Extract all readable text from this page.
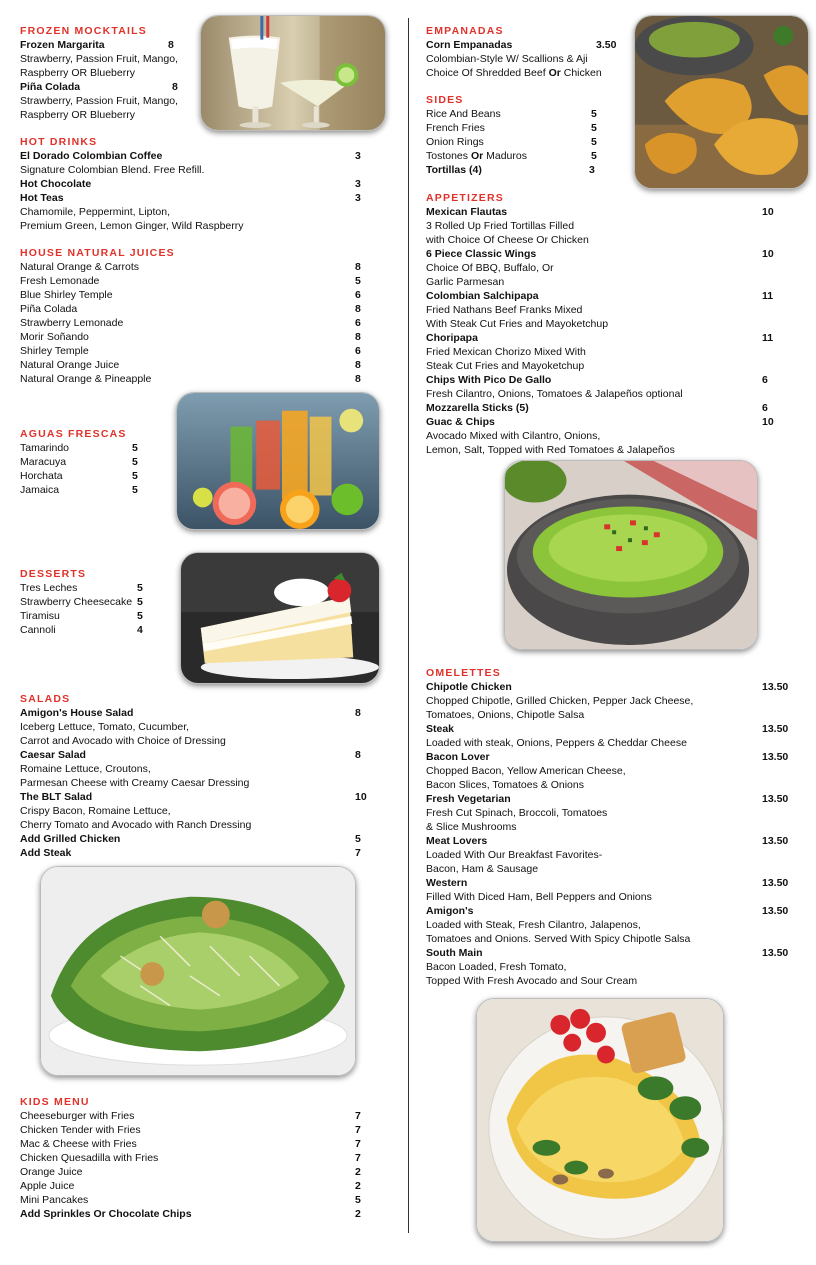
FROZEN MOCKTAILS
Frozen Margarita	8
Strawberry, Passion Fruit, Mango,
Raspberry OR Blueberry
Piña Colada	8
Strawberry, Passion Fruit, Mango,
Raspberry OR Blueberry
HOT DRINKS
El Dorado Colombian Coffee	3
Signature Colombian Blend. Free Refill.
Hot Chocolate	3
Hot Teas	3
Chamomile, Peppermint, Lipton,
Premium Green, Lemon Ginger, Wild Raspberry
HOUSE NATURAL JUICES
Natural Orange & Carrots	8
Fresh Lemonade	5
Blue Shirley Temple	6
Piña Colada	8
Strawberry Lemonade	6
Morir Soñando	8
Shirley Temple	6
Natural Orange Juice	8
Natural Orange & Pineapple	8
AGUAS FRESCAS
Tamarindo	5
Maracuya	5
Horchata	5
Jamaica	5
DESSERTS
Tres Leches	5
Strawberry Cheesecake 5
Tiramisu	5
Cannoli	4
SALADS
Amigon's House Salad	8
Iceberg Lettuce, Tomato, Cucumber,
Carrot and Avocado with Choice of Dressing
Caesar Salad	8
Romaine Lettuce, Croutons,
Parmesan Cheese with Creamy Caesar Dressing
The BLT Salad	10
Crispy Bacon, Romaine Lettuce,
Cherry Tomato and Avocado with Ranch Dressing
Add Grilled Chicken	5
Add Steak	7
KIDS MENU
Cheeseburger with Fries	7
Chicken Tender with Fries	7
Mac & Cheese with Fries	7
Chicken Quesadilla with Fries	7
Orange Juice	2
Apple Juice	2
Mini Pancakes	5
Add Sprinkles Or Chocolate Chips	2
EMPANADAS
Corn Empanadas	3.50
Colombian-Style W/ Scallions & Aji
Choice Of Shredded Beef Or Chicken
SIDES
Rice And Beans	5
French Fries	5
Onion Rings	5
Tostones Or Maduros	5
Tortillas (4)	3
APPETIZERS
Mexican Flautas	10
3 Rolled Up Fried Tortillas Filled
with Choice Of Cheese Or Chicken
6 Piece Classic Wings	10
Choice Of BBQ, Buffalo, Or
Garlic Parmesan
Colombian Salchipapa	11
Fried Nathans Beef Franks Mixed
With Steak Cut Fries and Mayoketchup
Choripapa	11
Fried Mexican Chorizo Mixed With
Steak Cut Fries and Mayoketchup
Chips With Pico De Gallo	6
Fresh Cilantro, Onions, Tomatoes & Jalapeños optional
Mozzarella Sticks (5)	6
Guac & Chips	10
Avocado Mixed with Cilantro, Onions,
Lemon, Salt, Topped with Red Tomatoes & Jalapeños
OMELETTES
Chipotle Chicken	13.50
Chopped Chipotle, Grilled Chicken, Pepper Jack Cheese,
Tomatoes, Onions, Chipotle Salsa
Steak	13.50
Loaded with steak, Onions, Peppers & Cheddar Cheese
Bacon Lover	13.50
Chopped Bacon, Yellow American Cheese,
Bacon Slices, Tomatoes & Onions
Fresh Vegetarian	13.50
Fresh Cut Spinach, Broccoli, Tomatoes
& Slice Mushrooms
Meat Lovers	13.50
Loaded With Our Breakfast Favorites-
Bacon, Ham & Sausage
Western	13.50
Filled With Diced Ham, Bell Peppers and Onions
Amigon's	13.50
Loaded with Steak, Fresh Cilantro, Jalapenos,
Tomatoes and Onions. Served With Spicy Chipotle Salsa
South Main	13.50
Bacon Loaded, Fresh Tomato,
Topped With Fresh Avocado and Sour Cream
